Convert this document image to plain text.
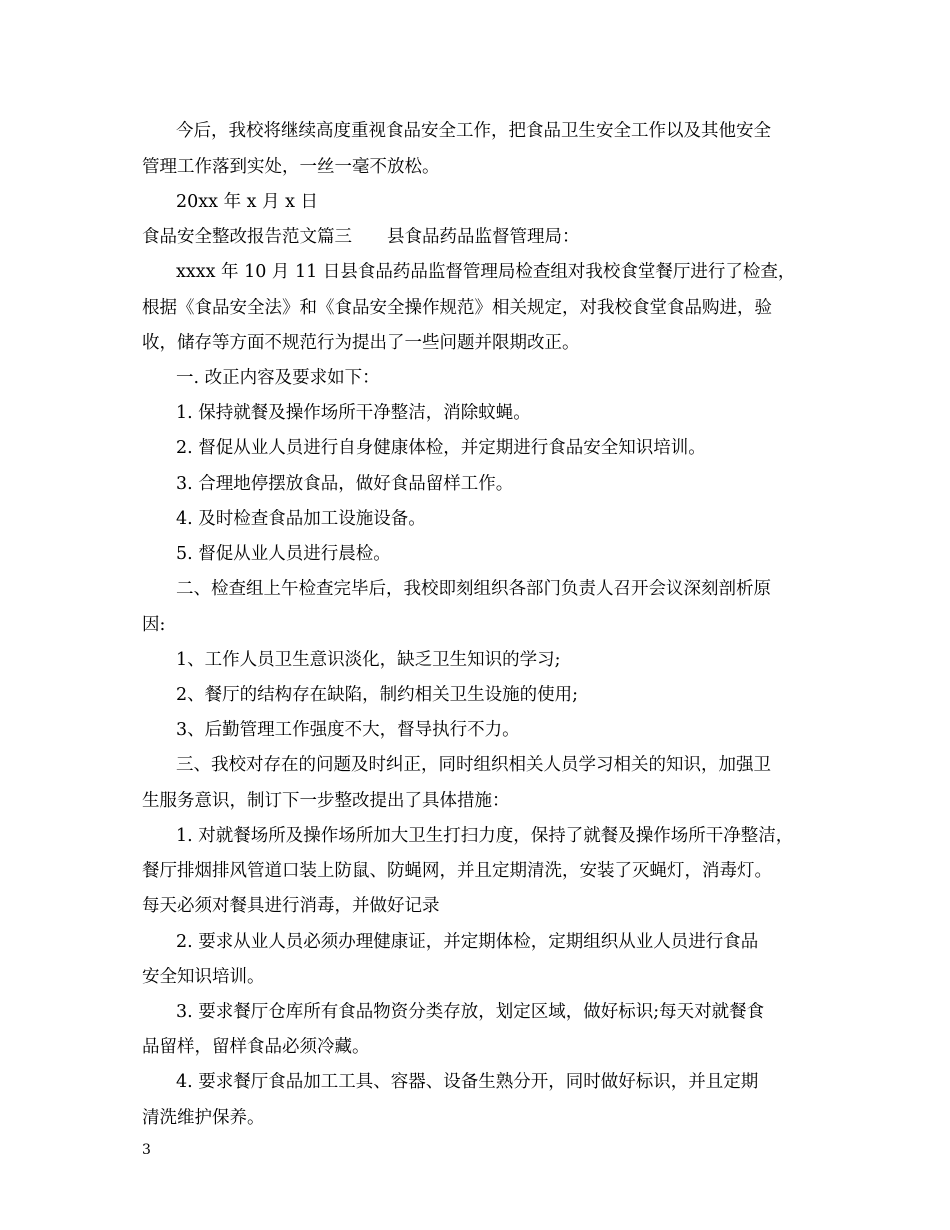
今后，我校将继续高度重视食品安全工作，把食品卫生安全工作以及其他安全
管理工作落到实处，一丝一毫不放松。
20xx 年 x 月 x 日
食品安全整改报告范文篇三　　县食品药品监督管理局：
xxxx 年 10 月 11 日县食品药品监督管理局检查组对我校食堂餐厅进行了检查，
根据《食品安全法》和《食品安全操作规范》相关规定，对我校食堂食品购进，验
收，储存等方面不规范行为提出了一些问题并限期改正。
一. 改正内容及要求如下：
1. 保持就餐及操作场所干净整洁，消除蚊蝇。
2. 督促从业人员进行自身健康体检，并定期进行食品安全知识培训。
3. 合理地停摆放食品，做好食品留样工作。
4. 及时检查食品加工设施设备。
5. 督促从业人员进行晨检。
二、检查组上午检查完毕后，我校即刻组织各部门负责人召开会议深刻剖析原
因:
1、工作人员卫生意识淡化，缺乏卫生知识的学习;
2、餐厅的结构存在缺陷，制约相关卫生设施的使用;
3、后勤管理工作强度不大，督导执行不力。
三、我校对存在的问题及时纠正，同时组织相关人员学习相关的知识，加强卫
生服务意识，制订下一步整改提出了具体措施：
1. 对就餐场所及操作场所加大卫生打扫力度，保持了就餐及操作场所干净整洁，
餐厅排烟排风管道口装上防鼠、防蝇网，并且定期清洗，安装了灭蝇灯，消毒灯。
每天必须对餐具进行消毒，并做好记录
2. 要求从业人员必须办理健康证，并定期体检，定期组织从业人员进行食品
安全知识培训。
3. 要求餐厅仓库所有食品物资分类存放，划定区域，做好标识;每天对就餐食
品留样，留样食品必须冷藏。
4. 要求餐厅食品加工工具、容器、设备生熟分开，同时做好标识，并且定期
清洗维护保养。
3
